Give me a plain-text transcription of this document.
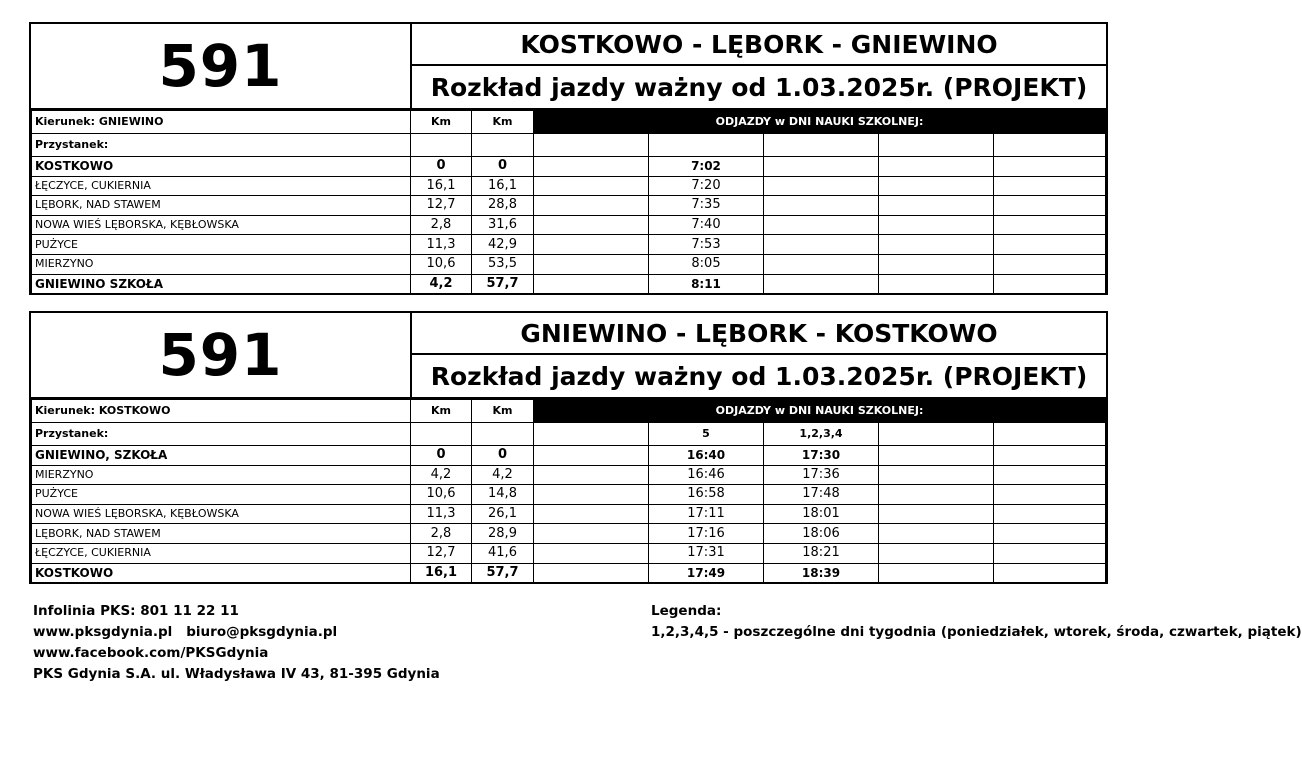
591	KOSTKOWO - LĘBORK - GNIEWINO
Rozkład jazdy ważny od 1.03.2025r. (PROJEKT)
Kierunek: GNIEWINO	Km	Km	ODJAZDY w DNI NAUKI SZKOLNEJ:				
Przystanek:							
KOSTKOWO	0	0		7:02			
ŁĘCZYCE, CUKIERNIA	16,1	16,1		7:20			
LĘBORK, NAD STAWEM	12,7	28,8		7:35			
NOWA WIEŚ LĘBORSKA, KĘBŁOWSKA	2,8	31,6		7:40			
PUŻYCE	11,3	42,9		7:53			
MIERZYNO	10,6	53,5		8:05			
GNIEWINO SZKOŁA	4,2	57,7		8:11			
591	GNIEWINO - LĘBORK - KOSTKOWO
Rozkład jazdy ważny od 1.03.2025r. (PROJEKT)
Kierunek: KOSTKOWO	Km	Km	ODJAZDY w DNI NAUKI SZKOLNEJ:				
Przystanek:				5	1,2,3,4		
GNIEWINO, SZKOŁA	0	0		16:40	17:30		
MIERZYNO	4,2	4,2		16:46	17:36		
PUŻYCE	10,6	14,8		16:58	17:48		
NOWA WIEŚ LĘBORSKA, KĘBŁOWSKA	11,3	26,1		17:11	18:01		
LĘBORK, NAD STAWEM	2,8	28,9		17:16	18:06		
ŁĘCZYCE, CUKIERNIA	12,7	41,6		17:31	18:21		
KOSTKOWO	16,1	57,7		17:49	18:39		
Infolinia PKS: 801 11 22 11
www.pksgdynia.pl biuro@pksgdynia.pl
www.facebook.com/PKSGdynia
PKS Gdynia S.A. ul. Władysława IV 43, 81-395 Gdynia
Legenda:
1,2,3,4,5 - poszczególne dni tygodnia (poniedziałek, wtorek, środa, czwartek, piątek)
